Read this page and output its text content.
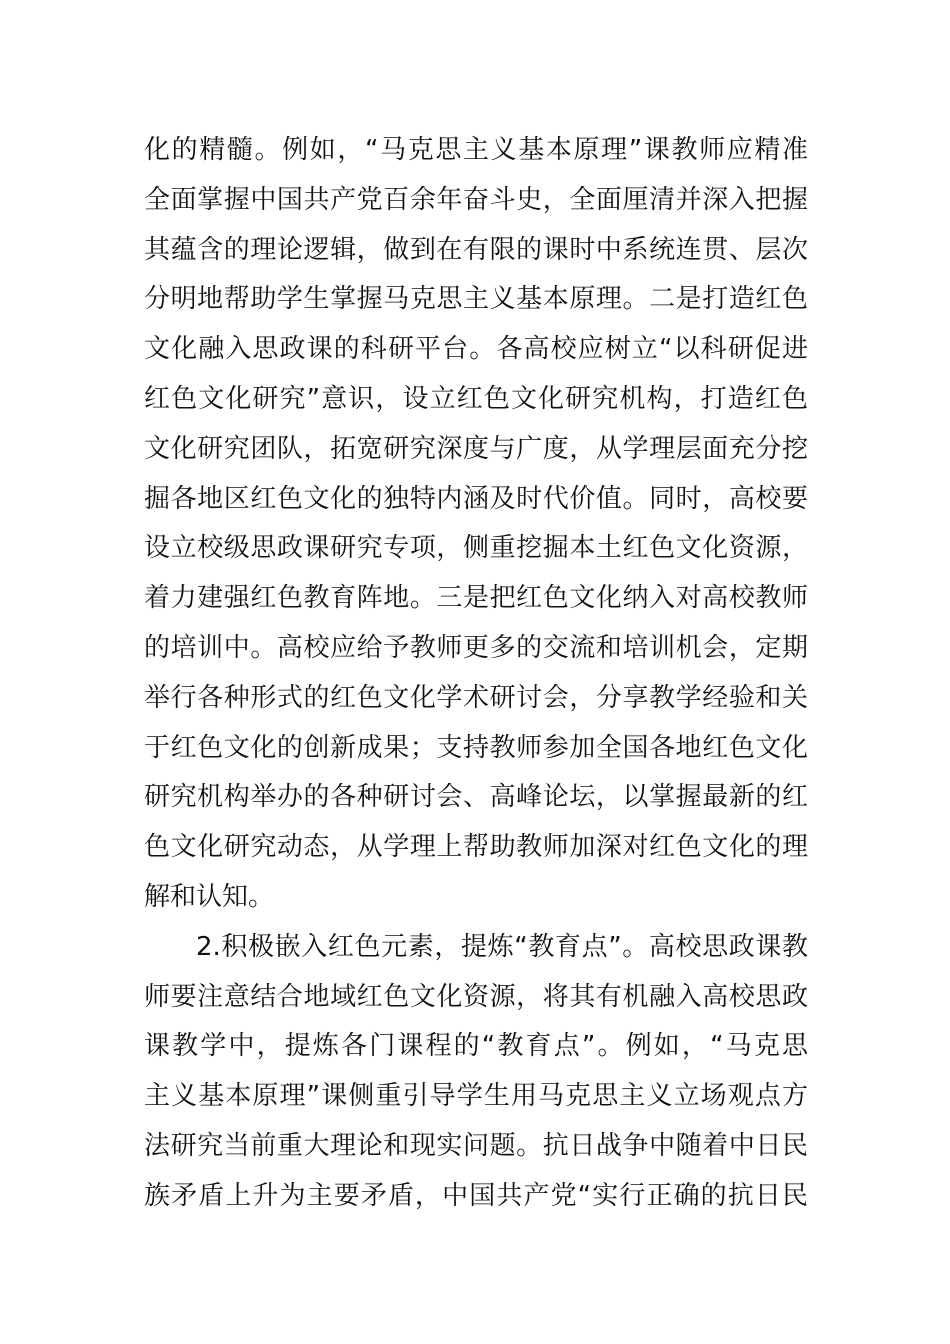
化的精髓。例如，“马克思主义基本原理”课教师应精准
全面掌握中国共产党百余年奋斗史，全面厘清并深入把握
其蕴含的理论逻辑，做到在有限的课时中系统连贯、层次
分明地帮助学生掌握马克思主义基本原理。二是打造红色
文化融入思政课的科研平台。各高校应树立“以科研促进
红色文化研究”意识，设立红色文化研究机构，打造红色
文化研究团队，拓宽研究深度与广度，从学理层面充分挖
掘各地区红色文化的独特内涵及时代价值。同时，高校要
设立校级思政课研究专项，侧重挖掘本土红色文化资源，
着力建强红色教育阵地。三是把红色文化纳入对高校教师
的培训中。高校应给予教师更多的交流和培训机会，定期
举行各种形式的红色文化学术研讨会，分享教学经验和关
于红色文化的创新成果；支持教师参加全国各地红色文化
研究机构举办的各种研讨会、高峰论坛，以掌握最新的红
色文化研究动态，从学理上帮助教师加深对红色文化的理
解和认知。
2.积极嵌入红色元素，提炼“教育点”。高校思政课教
师要注意结合地域红色文化资源，将其有机融入高校思政
课教学中，提炼各门课程的“教育点”。例如，“马克思
主义基本原理”课侧重引导学生用马克思主义立场观点方
法研究当前重大理论和现实问题。抗日战争中随着中日民
族矛盾上升为主要矛盾，中国共产党“实行正确的抗日民
